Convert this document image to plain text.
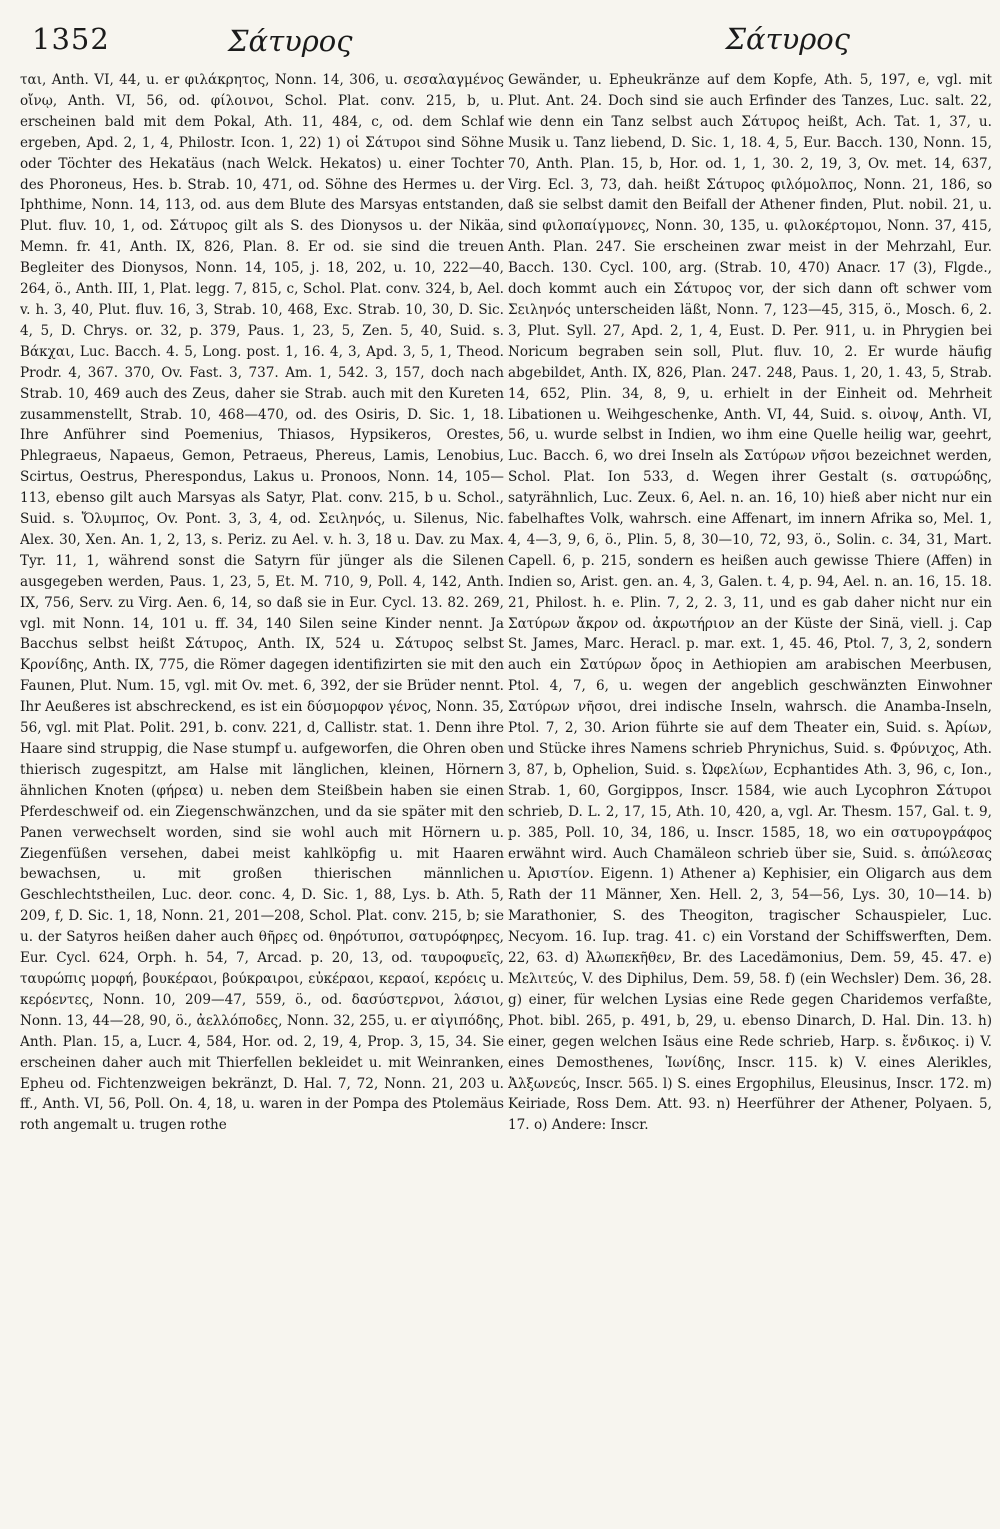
1352	Σάτυρος	Σάτυρος

ται, Anth. VI, 44, u. er φιλάκρητος, Nonn. 14, 306, u. σεσαλαγμένος οἴνῳ, Anth. VI, 56, od. φίλοινοι, Schol. Plat. conv. 215, b, u. erscheinen bald mit dem Pokal, Ath. 11, 484, c, od. dem Schlaf ergeben, Apd. 2, 1, 4, Philostr. Icon. 1, 22) 1) οἱ Σάτυροι sind Söhne oder Töchter des Hekatäus (nach Welck. Hekatos) u. einer Tochter des Phoroneus, Hes. b. Strab. 10, 471, od. Söhne des Hermes u. der Iphthime, Nonn. 14, 113, od. aus dem Blute des Marsyas entstanden, Plut. fluv. 10, 1, od. Σάτυρος gilt als S. des Dionysos u. der Nikäa, Memn. fr. 41, Anth. IX, 826, Plan. 8. Er od. sie sind die treuen Begleiter des Dionysos, Nonn. 14, 105, j. 18, 202, u. 10, 222—40, 264, ö., Anth. III, 1, Plat. legg. 7, 815, c, Schol. Plat. conv. 324, b, Ael. v. h. 3, 40, Plut. fluv. 16, 3, Strab. 10, 468, Exc. Strab. 10, 30, D. Sic. 4, 5, D. Chrys. or. 32, p. 379, Paus. 1, 23, 5, Zen. 5, 40, Suid. s. Βάκχαι, Luc. Bacch. 4. 5, Long. post. 1, 16. 4, 3, Apd. 3, 5, 1, Theod. Prodr. 4, 367. 370, Ov. Fast. 3, 737. Am. 1, 542. 3, 157, doch nach Strab. 10, 469 auch des Zeus, daher sie Strab. auch mit den Kureten zusammenstellt, Strab. 10, 468—470, od. des Osiris, D. Sic. 1, 18. Ihre Anführer sind Poemenius, Thiasos, Hypsikeros, Orestes, Phlegraeus, Napaeus, Gemon, Petraeus, Phereus, Lamis, Lenobius, Scirtus, Oestrus, Pherespondus, Lakus u. Pronoos, Nonn. 14, 105—113, ebenso gilt auch Marsyas als Satyr, Plat. conv. 215, b u. Schol., Suid. s. Ὄλυμπος, Ov. Pont. 3, 3, 4, od. Σειληνός, u. Silenus, Nic. Alex. 30, Xen. An. 1, 2, 13, s. Periz. zu Ael. v. h. 3, 18 u. Dav. zu Max. Tyr. 11, 1, während sonst die Satyrn für jünger als die Silenen ausgegeben werden, Paus. 1, 23, 5, Et. M. 710, 9, Poll. 4, 142, Anth. IX, 756, Serv. zu Virg. Aen. 6, 14, so daß sie in Eur. Cycl. 13. 82. 269, vgl. mit Nonn. 14, 101 u. ff. 34, 140 Silen seine Kinder nennt. Ja Bacchus selbst heißt Σάτυρος, Anth. IX, 524 u. Σάτυρος selbst Κρονίδης, Anth. IX, 775, die Römer dagegen identifizirten sie mit den Faunen, Plut. Num. 15, vgl. mit Ov. met. 6, 392, der sie Brüder nennt. Ihr Aeußeres ist abschreckend, es ist ein δύσμορφον γένος, Nonn. 35, 56, vgl. mit Plat. Polit. 291, b. conv. 221, d, Callistr. stat. 1. Denn ihre Haare sind struppig, die Nase stumpf u. aufgeworfen, die Ohren oben thierisch zugespitzt, am Halse mit länglichen, kleinen, Hörnern ähnlichen Knoten (φήρεα) u. neben dem Steißbein haben sie einen Pferdeschweif od. ein Ziegenschwänzchen, und da sie später mit den Panen verwechselt worden, sind sie wohl auch mit Hörnern u. Ziegenfüßen versehen, dabei meist kahlköpfig u. mit Haaren bewachsen, u. mit großen thierischen männlichen Geschlechtstheilen, Luc. deor. conc. 4, D. Sic. 1, 88, Lys. b. Ath. 5, 209, f, D. Sic. 1, 18, Nonn. 21, 201—208, Schol. Plat. conv. 215, b; sie u. der Satyros heißen daher auch θῆρες od. θηρότυποι, σατυρόφηρες, Eur. Cycl. 624, Orph. h. 54, 7, Arcad. p. 20, 13, od. ταυροφυεῖς, ταυρώπις μορφή, βουκέραοι, βούκραιροι, εὐκέραοι, κεραοί, κερόεις u. κερόεντες, Nonn. 10, 209—47, 559, ö., od. δασύστερνοι, λάσιοι, Nonn. 13, 44—28, 90, ö., ἀελλόποδες, Nonn. 32, 255, u. er αἰγιπόδης, Anth. Plan. 15, a, Lucr. 4, 584, Hor. od. 2, 19, 4, Prop. 3, 15, 34. Sie erscheinen daher auch mit Thierfellen bekleidet u. mit Weinranken, Epheu od. Fichtenzweigen bekränzt, D. Hal. 7, 72, Nonn. 21, 203 u. ff., Anth. VI, 56, Poll. On. 4, 18, u. waren in der Pompa des Ptolemäus roth angemalt u. trugen rothe

Gewänder, u. Epheukränze auf dem Kopfe, Ath. 5, 197, e, vgl. mit Plut. Ant. 24. Doch sind sie auch Erfinder des Tanzes, Luc. salt. 22, wie denn ein Tanz selbst auch Σάτυρος heißt, Ach. Tat. 1, 37, u. Musik u. Tanz liebend, D. Sic. 1, 18. 4, 5, Eur. Bacch. 130, Nonn. 15, 70, Anth. Plan. 15, b, Hor. od. 1, 1, 30. 2, 19, 3, Ov. met. 14, 637, Virg. Ecl. 3, 73, dah. heißt Σάτυρος φιλόμολπος, Nonn. 21, 186, so daß sie selbst damit den Beifall der Athener finden, Plut. nobil. 21, u. sind φιλοπαίγμονες, Nonn. 30, 135, u. φιλοκέρτομοι, Nonn. 37, 415, Anth. Plan. 247. Sie erscheinen zwar meist in der Mehrzahl, Eur. Bacch. 130. Cycl. 100, arg. (Strab. 10, 470) Anacr. 17 (3), Flgde., doch kommt auch ein Σάτυρος vor, der sich dann oft schwer vom Σειληνός unterscheiden läßt, Nonn. 7, 123—45, 315, ö., Mosch. 6, 2. 3, Plut. Syll. 27, Apd. 2, 1, 4, Eust. D. Per. 911, u. in Phrygien bei Noricum begraben sein soll, Plut. fluv. 10, 2. Er wurde häufig abgebildet, Anth. IX, 826, Plan. 247. 248, Paus. 1, 20, 1. 43, 5, Strab. 14, 652, Plin. 34, 8, 9, u. erhielt in der Einheit od. Mehrheit Libationen u. Weihgeschenke, Anth. VI, 44, Suid. s. οἰνοψ, Anth. VI, 56, u. wurde selbst in Indien, wo ihm eine Quelle heilig war, geehrt, Luc. Bacch. 6, wo drei Inseln als Σατύρων νῆσοι bezeichnet werden, Schol. Plat. Ion 533, d. Wegen ihrer Gestalt (s. σατυρώδης, satyrähnlich, Luc. Zeux. 6, Ael. n. an. 16, 10) hieß aber nicht nur ein fabelhaftes Volk, wahrsch. eine Affenart, im innern Afrika so, Mel. 1, 4, 4—3, 9, 6, ö., Plin. 5, 8, 30—10, 72, 93, ö., Solin. c. 34, 31, Mart. Capell. 6, p. 215, sondern es heißen auch gewisse Thiere (Affen) in Indien so, Arist. gen. an. 4, 3, Galen. t. 4, p. 94, Ael. n. an. 16, 15. 18. 21, Philost. h. e. Plin. 7, 2, 2. 3, 11, und es gab daher nicht nur ein Σατύρων ἄκρον od. ἀκρωτήριον an der Küste der Sinä, viell. j. Cap St. James, Marc. Heracl. p. mar. ext. 1, 45. 46, Ptol. 7, 3, 2, sondern auch ein Σατύρων ὄρος in Aethiopien am arabischen Meerbusen, Ptol. 4, 7, 6, u. wegen der angeblich geschwänzten Einwohner Σατύρων νῆσοι, drei indische Inseln, wahrsch. die Anamba-Inseln, Ptol. 7, 2, 30. Arion führte sie auf dem Theater ein, Suid. s. Ἀρίων, und Stücke ihres Namens schrieb Phrynichus, Suid. s. Φρύνιχος, Ath. 3, 87, b, Ophelion, Suid. s. Ὠφελίων, Ecphantides Ath. 3, 96, c, Ion., Strab. 1, 60, Gorgippos, Inscr. 1584, wie auch Lycophron Σάτυροι schrieb, D. L. 2, 17, 15, Ath. 10, 420, a, vgl. Ar. Thesm. 157, Gal. t. 9, p. 385, Poll. 10, 34, 186, u. Inscr. 1585, 18, wo ein σατυρογράφος erwähnt wird. Auch Chamäleon schrieb über sie, Suid. s. ἀπώλεσας u. Ἀριστίον. Eigenn. 1) Athener a) Kephisier, ein Oligarch aus dem Rath der 11 Männer, Xen. Hell. 2, 3, 54—56, Lys. 30, 10—14. b) Marathonier, S. des Theogiton, tragischer Schauspieler, Luc. Necyom. 16. Iup. trag. 41. c) ein Vorstand der Schiffswerften, Dem. 22, 63. d) Ἀλωπεκῆθεν, Br. des Lacedämonius, Dem. 59, 45. 47. e) Μελιτεύς, V. des Diphilus, Dem. 59, 58. f) (ein Wechsler) Dem. 36, 28. g) einer, für welchen Lysias eine Rede gegen Charidemos verfaßte, Phot. bibl. 265, p. 491, b, 29, u. ebenso Dinarch, D. Hal. Din. 13. h) einer, gegen welchen Isäus eine Rede schrieb, Harp. s. ἔνδικος. i) V. eines Demosthenes, Ἰωνίδης, Inscr. 115. k) V. eines Alerikles, Ἀλξωνεύς, Inscr. 565. l) S. eines Ergophilus, Eleusinus, Inscr. 172. m) Keiriade, Ross Dem. Att. 93. n) Heerführer der Athener, Polyaen. 5, 17. o) Andere: Inscr.
